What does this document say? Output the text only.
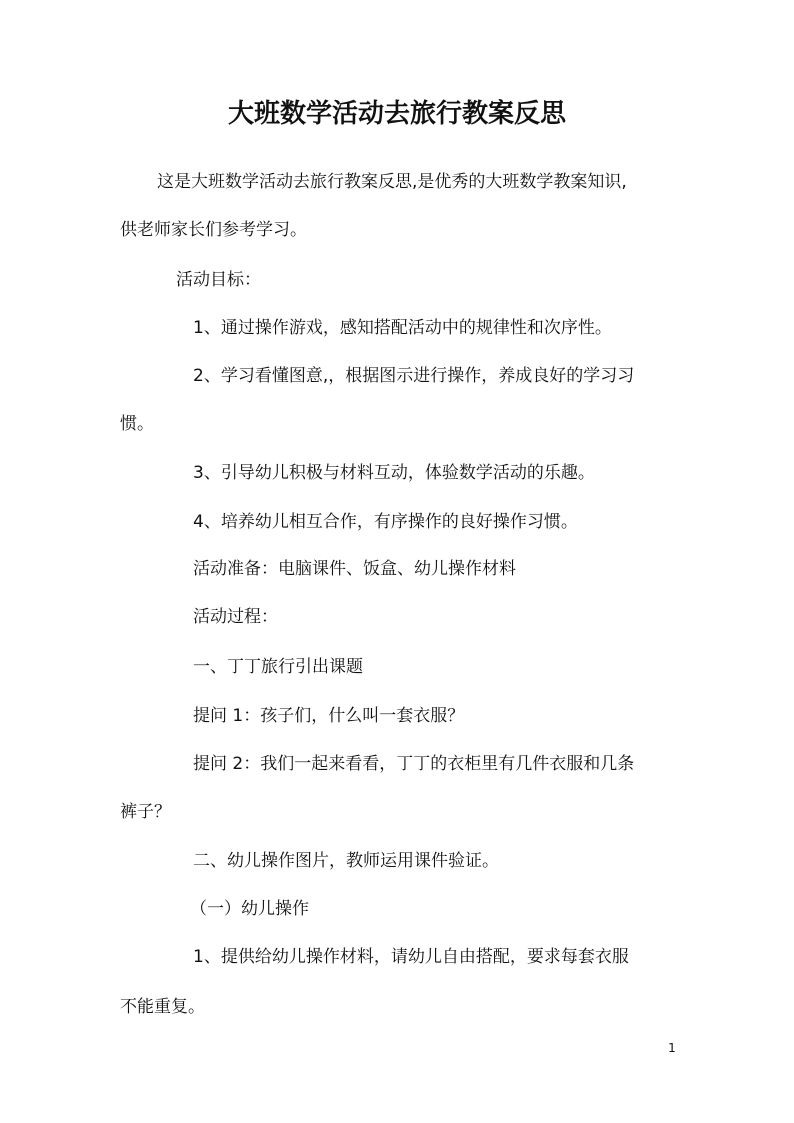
大班数学活动去旅行教案反思

这是大班数学活动去旅行教案反思,是优秀的大班数学教案知识,

供老师家长们参考学习。

活动目标：

1、通过操作游戏，感知搭配活动中的规律性和次序性。

2、学习看懂图意,，根据图示进行操作，养成良好的学习习

惯。

3、引导幼儿积极与材料互动，体验数学活动的乐趣。

4、培养幼儿相互合作，有序操作的良好操作习惯。

活动准备：电脑课件、饭盒、幼儿操作材料

活动过程：

一、丁丁旅行引出课题

提问 1：孩子们，什么叫一套衣服？

提问 2：我们一起来看看，丁丁的衣柜里有几件衣服和几条

裤子？

二、幼儿操作图片，教师运用课件验证。

（一）幼儿操作

1、提供给幼儿操作材料，请幼儿自由搭配，要求每套衣服

不能重复。

1
